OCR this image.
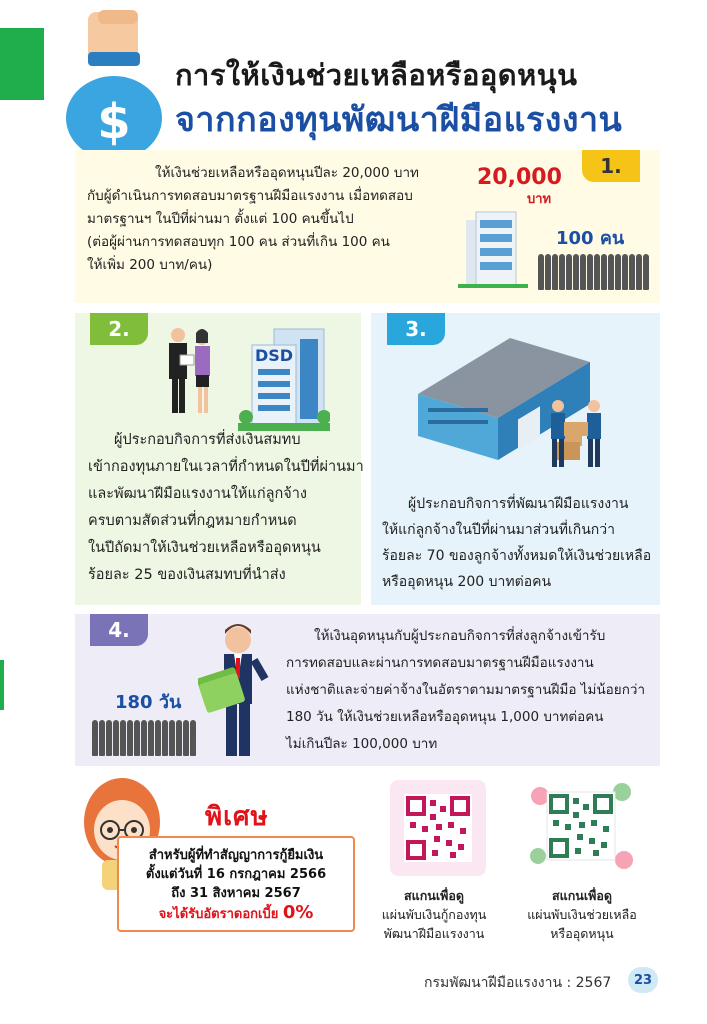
$
การให้เงินช่วยเหลือหรืออุดหนุน
จากกองทุนพัฒนาฝีมือแรงงาน
1.
ให้เงินช่วยเหลือหรืออุดหนุนปีละ 20,000 บาท
กับผู้ดำเนินการทดสอบมาตรฐานฝีมือแรงงาน เมื่อทดสอบ
มาตรฐานฯ ในปีที่ผ่านมา ตั้งแต่ 100 คนขึ้นไป
(ต่อผู้ผ่านการทดสอบทุก 100 คน ส่วนที่เกิน 100 คน
ให้เพิ่ม 200 บาท/คน)
20,000
บาท
100 คน
2.
DSD
ผู้ประกอบกิจการที่ส่งเงินสมทบ
เข้ากองทุนภายในเวลาที่กำหนดในปีที่ผ่านมา
และพัฒนาฝีมือแรงงานให้แก่ลูกจ้าง
ครบตามสัดส่วนที่กฎหมายกำหนด
ในปีถัดมาให้เงินช่วยเหลือหรืออุดหนุน
ร้อยละ 25 ของเงินสมทบที่นำส่ง
3.
ผู้ประกอบกิจการที่พัฒนาฝีมือแรงงาน
ให้แก่ลูกจ้างในปีที่ผ่านมาส่วนที่เกินกว่า
ร้อยละ 70 ของลูกจ้างทั้งหมดให้เงินช่วยเหลือ
หรืออุดหนุน 200 บาทต่อคน
4.
180 วัน
ให้เงินอุดหนุนกับผู้ประกอบกิจการที่ส่งลูกจ้างเข้ารับ
การทดสอบและผ่านการทดสอบมาตรฐานฝีมือแรงงาน
แห่งชาติและจ่ายค่าจ้างในอัตราตามมาตรฐานฝีมือ ไม่น้อยกว่า
180 วัน ให้เงินช่วยเหลือหรืออุดหนุน 1,000 บาทต่อคน
ไม่เกินปีละ 100,000 บาท
พิเศษ
สำหรับผู้ที่ทำสัญญาการกู้ยืมเงิน
ตั้งแต่วันที่ 16 กรกฎาคม 2566
ถึง 31 สิงหาคม 2567
จะได้รับอัตราดอกเบี้ย 0%
สแกนเพื่อดู
แผ่นพับเงินกู้กองทุน
พัฒนาฝีมือแรงงาน
สแกนเพื่อดู
แผ่นพับเงินช่วยเหลือ
หรืออุดหนุน
กรมพัฒนาฝีมือแรงงาน : 2567	23
